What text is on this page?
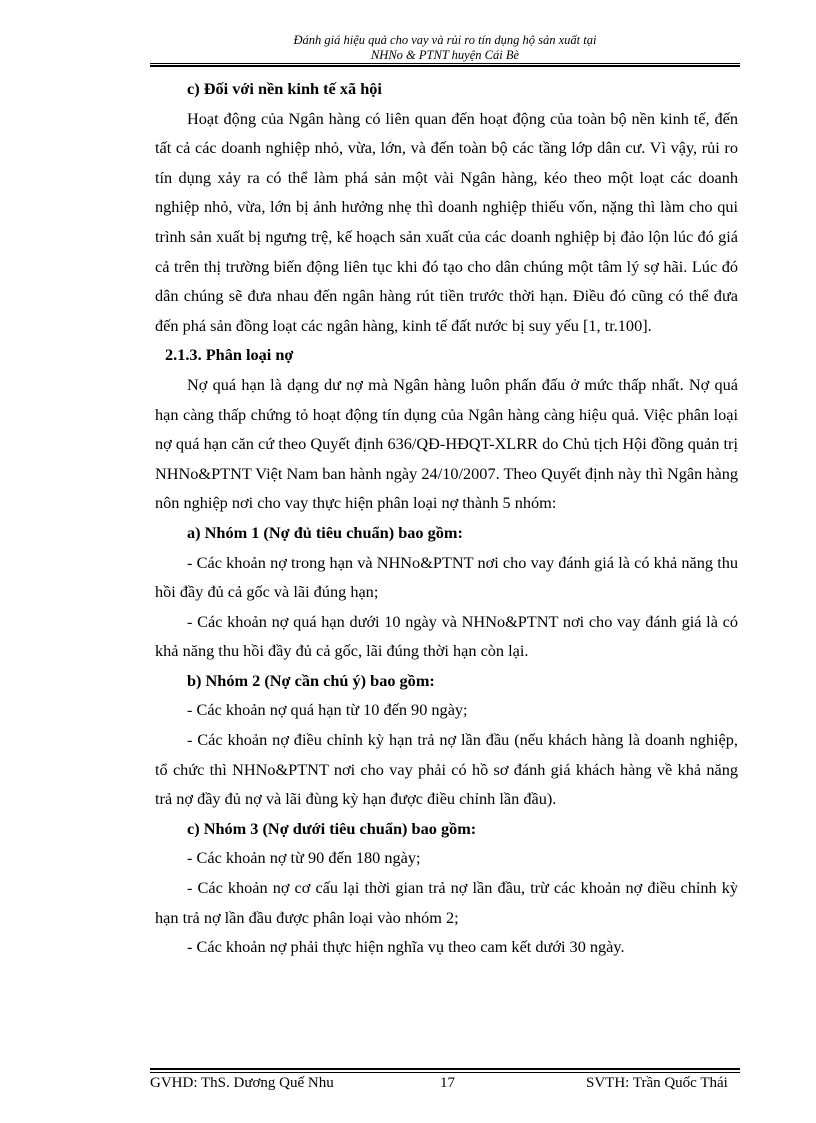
Đánh giá hiệu quả cho vay và rủi ro tín dụng hộ sản xuất tại
NHNo & PTNT huyện Cái Bè

c) Đối với nền kinh tế xã hội

Hoạt động của Ngân hàng có liên quan đến hoạt động của toàn bộ nền kinh tế, đến tất cả các doanh nghiệp nhỏ, vừa, lớn, và đến toàn bộ các tầng lớp dân cư. Vì vậy, rủi ro tín dụng xảy ra có thể làm phá sản một vài Ngân hàng, kéo theo một loạt các doanh nghiệp nhỏ, vừa, lớn bị ảnh hưởng nhẹ thì doanh nghiệp thiếu vốn, nặng thì làm cho qui trình sản xuất bị ngưng trệ, kế hoạch sản xuất của các doanh nghiệp bị đảo lộn lúc đó giá cả trên thị trường biến động liên tục khi đó tạo cho dân chúng một tâm lý sợ hãi. Lúc đó dân chúng sẽ đưa nhau đến ngân hàng rút tiền trước thời hạn. Điều đó cũng có thể đưa đến phá sản đồng loạt các ngân hàng, kinh tế đất nước bị suy yếu [1, tr.100].

2.1.3. Phân loại nợ

Nợ quá hạn là dạng dư nợ mà Ngân hàng luôn phấn đấu ở mức thấp nhất. Nợ quá hạn càng thấp chứng tỏ hoạt động tín dụng của Ngân hàng càng hiệu quả. Việc phân loại nợ quá hạn căn cứ theo Quyết định 636/QĐ-HĐQT-XLRR do Chủ tịch Hội đồng quản trị NHNo&PTNT Việt Nam ban hành ngày 24/10/2007. Theo Quyết định này thì Ngân hàng nôn nghiệp nơi cho vay thực hiện phân loại nợ thành 5 nhóm:

a) Nhóm 1 (Nợ đủ tiêu chuẩn) bao gồm:

- Các khoản nợ trong hạn và NHNo&PTNT nơi cho vay đánh giá là có khả năng thu hồi đầy đủ cả gốc và lãi đúng hạn;

- Các khoản nợ quá hạn dưới 10 ngày và NHNo&PTNT nơi cho vay đánh giá là có khả năng thu hồi đầy đủ cả gốc, lãi đúng thời hạn còn lại.

b) Nhóm 2 (Nợ cần chú ý) bao gồm:

- Các khoản nợ quá hạn từ 10 đến 90 ngày;

- Các khoản nợ điều chỉnh kỳ hạn trả nợ lần đầu (nếu khách hàng là doanh nghiệp, tổ chức thì NHNo&PTNT nơi cho vay phải có hồ sơ đánh giá khách hàng về khả năng trả nợ đầy đủ nợ và lãi đùng kỳ hạn được điều chỉnh lần đầu).

c) Nhóm 3 (Nợ dưới tiêu chuẩn) bao gồm:

- Các khoản nợ từ 90 đến 180 ngày;

- Các khoản nợ cơ cấu lại thời gian trả nợ lần đầu, trừ các khoản nợ điều chỉnh kỳ hạn trả nợ lần đầu được phân loại vào nhóm 2;

- Các khoản nợ phải thực hiện nghĩa vụ theo cam kết dưới 30 ngày.

GVHD: ThS. Dương Quế Nhu	17	SVTH: Trần Quốc Thái
